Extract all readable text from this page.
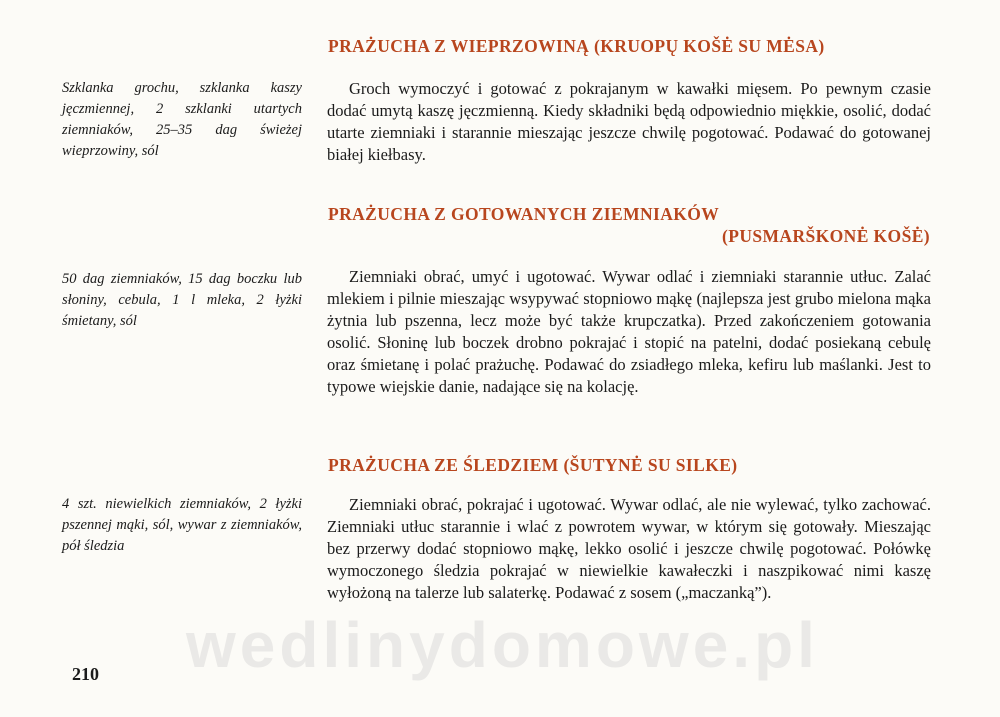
PRAŻUCHA Z WIEPRZOWINĄ (KRUOPŲ KOŠĖ SU MĖSA)

Szklanka grochu, szklanka kaszy jęczmiennej, 2 szklanki utartych ziemniaków, 25–35 dag świeżej wieprzowiny, sól

Groch wymoczyć i gotować z pokrajanym w kawałki mięsem. Po pewnym czasie dodać umytą kaszę jęczmienną. Kiedy składniki będą odpowiednio miękkie, osolić, dodać utarte ziemniaki i starannie mieszając jeszcze chwilę pogotować. Podawać do gotowanej białej kiełbasy.

PRAŻUCHA Z GOTOWANYCH ZIEMNIAKÓW
(PUSMARŠKONĖ KOŠĖ)

50 dag ziemniaków, 15 dag boczku lub słoniny, cebula, 1 l mleka, 2 łyżki śmietany, sól

Ziemniaki obrać, umyć i ugotować. Wywar odlać i ziemniaki starannie utłuc. Zalać mlekiem i pilnie mieszając wsypywać stopniowo mąkę (najlepsza jest grubo mielona mąka żytnia lub pszenna, lecz może być także krupczatka). Przed zakończeniem gotowania osolić. Słoninę lub boczek drobno pokrajać i stopić na patelni, dodać posiekaną cebulę oraz śmietanę i polać prażuchę. Podawać do zsiadłego mleka, kefiru lub maślanki. Jest to typowe wiejskie danie, nadające się na kolację.

PRAŻUCHA ZE ŚLEDZIEM (ŠUTYNĖ SU SILKE)

4 szt. niewielkich ziemniaków, 2 łyżki pszennej mąki, sól, wywar z ziemniaków, pół śledzia

Ziemniaki obrać, pokrajać i ugotować. Wywar odlać, ale nie wylewać, tylko zachować. Ziemniaki utłuc starannie i wlać z powrotem wywar, w którym się gotowały. Mieszając bez przerwy dodać stopniowo mąkę, lekko osolić i jeszcze chwilę pogotować. Połówkę wymoczonego śledzia pokrajać w niewielkie kawałeczki i naszpikować nimi kaszę wyłożoną na talerze lub salaterkę. Podawać z sosem („maczanką”).

wedlinydomowe.pl

210
